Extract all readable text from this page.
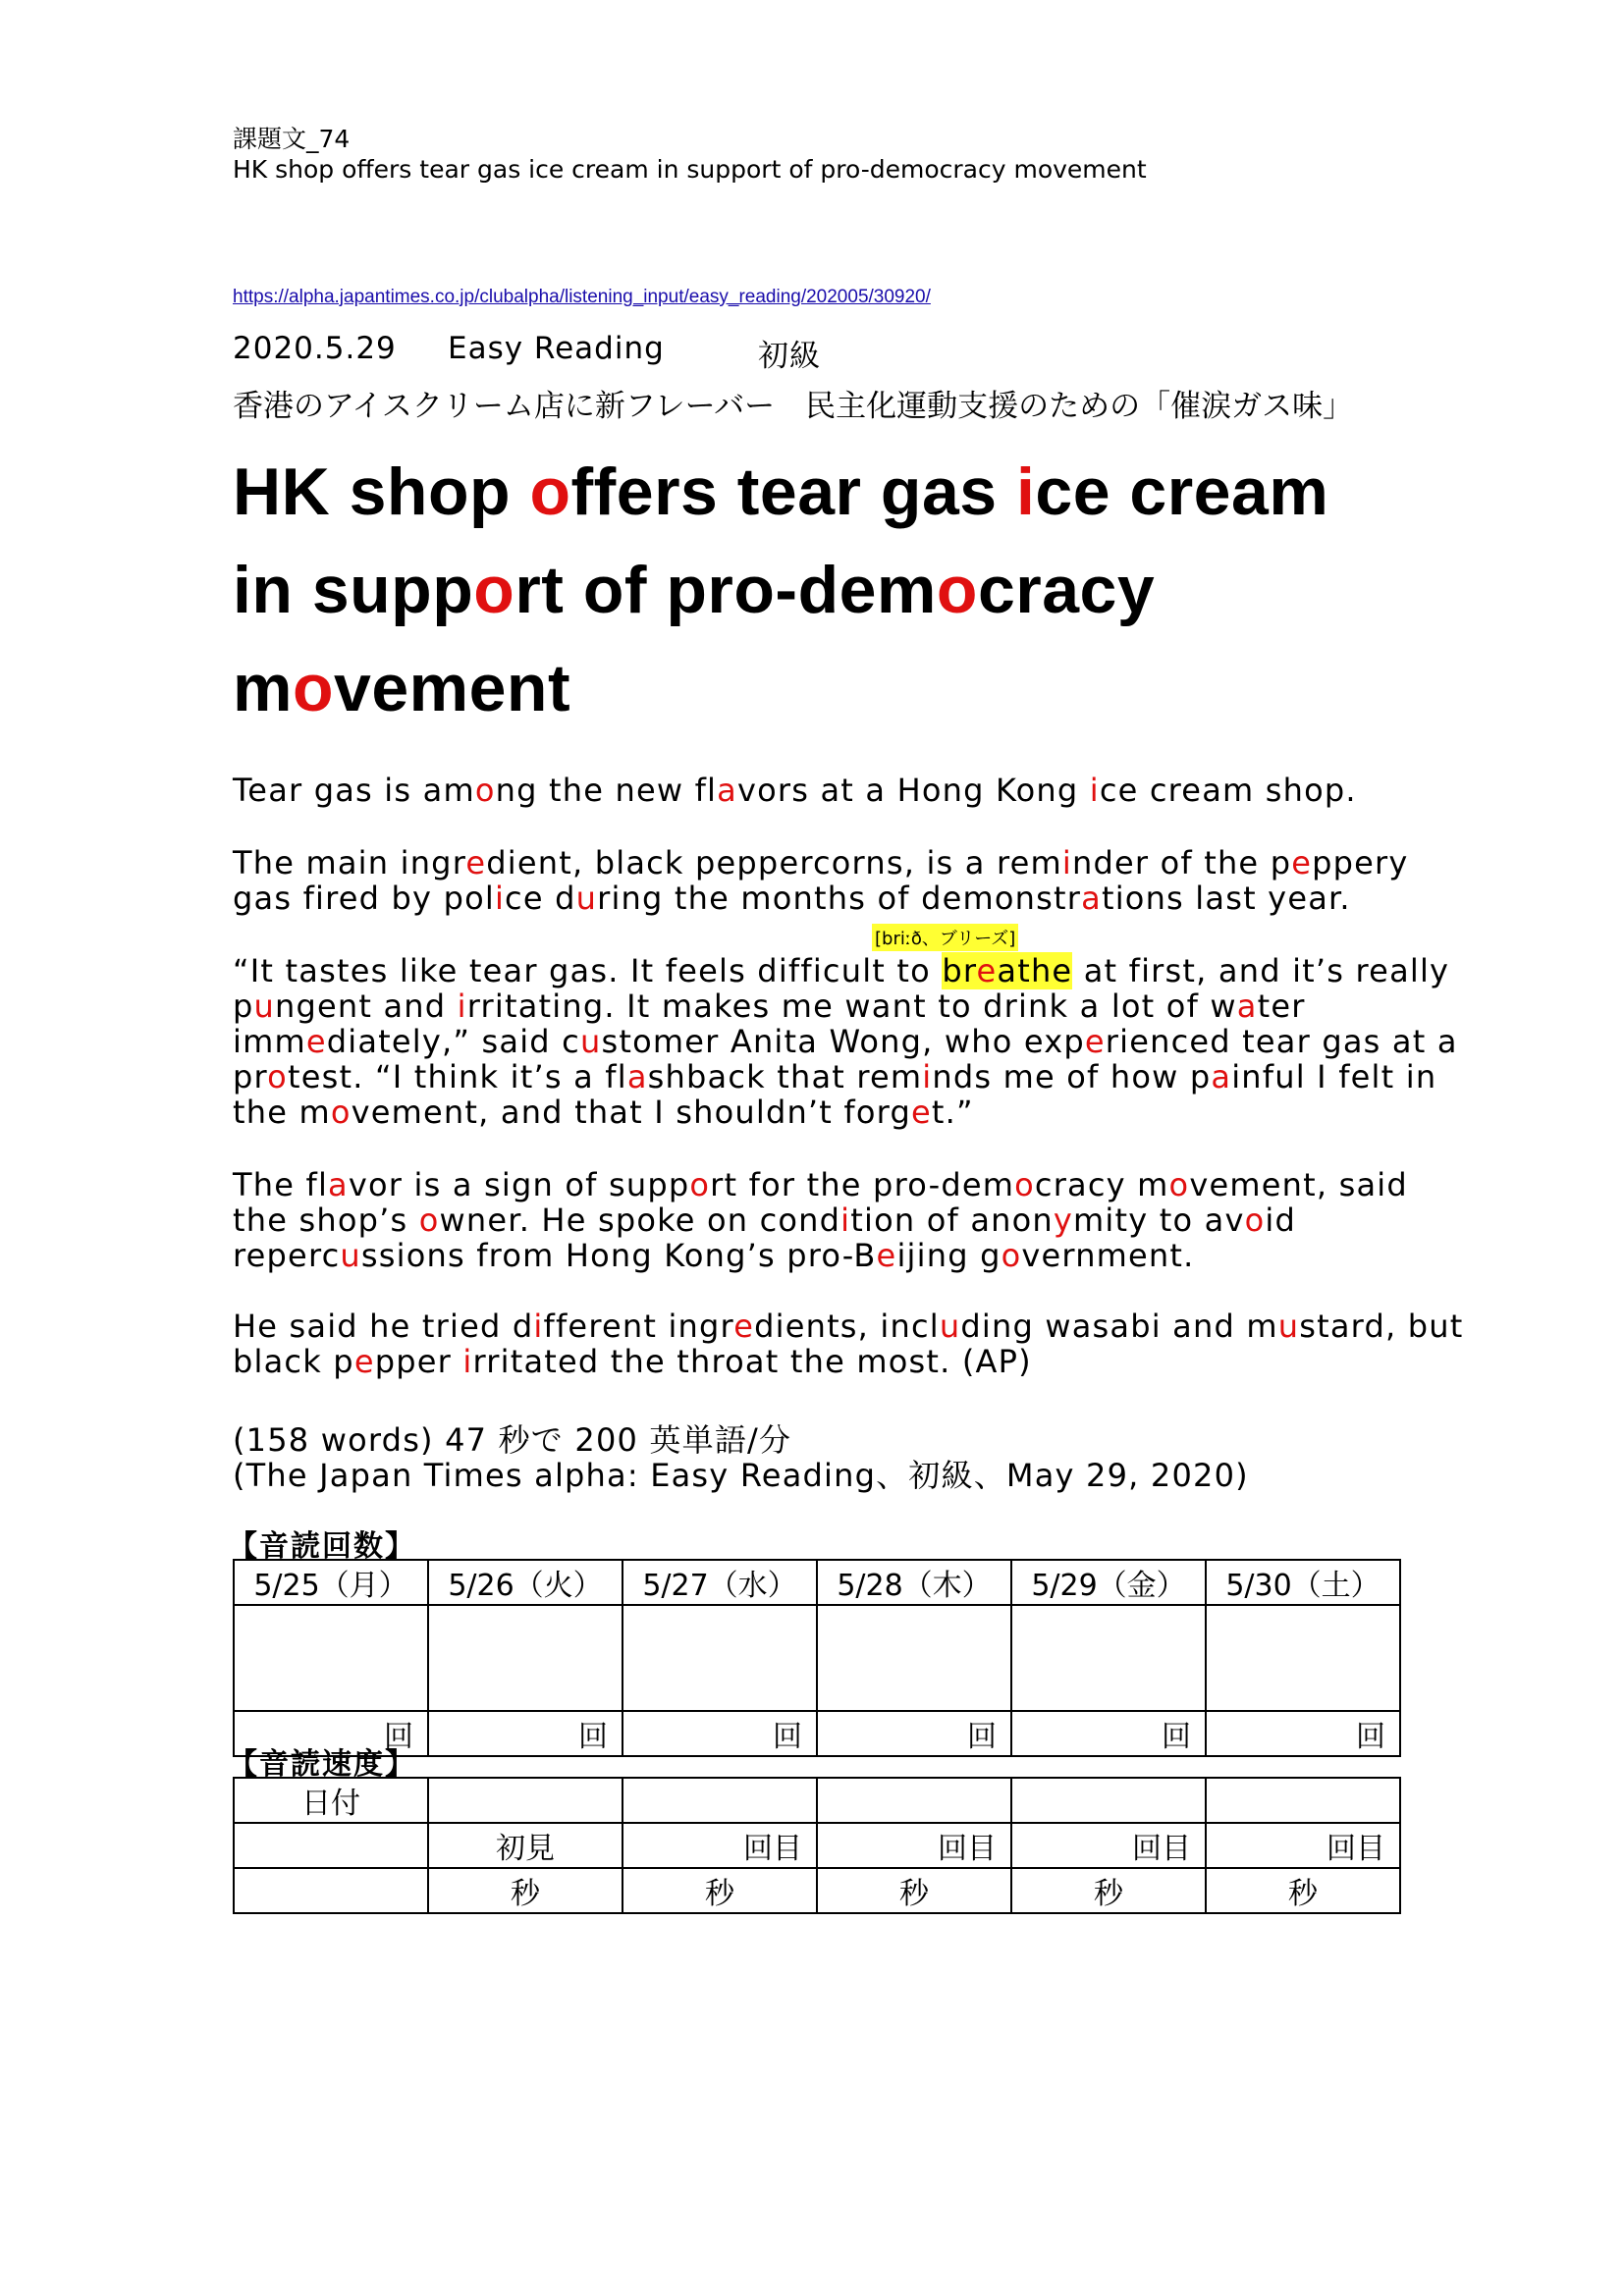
課題文_74
HK shop offers tear gas ice cream in support of pro-democracy movement
https://alpha.japantimes.co.jp/clubalpha/listening_input/easy_reading/202005/30920/
2020.5.29 Easy Reading	初級
香港のアイスクリーム店に新フレーバー　民主化運動支援のための「催涙ガス味」
HK shop offers tear gas ice cream
in support of pro-democracy
movement
Tear gas is among the new flavors at a Hong Kong ice cream shop.
The main ingredient, black peppercorns, is a reminder of the peppery
gas fired by police during the months of demonstrations last year.
[briːð、ブリーズ]
“It tastes like tear gas. It feels difficult to breathe at first, and it’s really
pungent and irritating. It makes me want to drink a lot of water
immediately,” said customer Anita Wong, who experienced tear gas at a
protest. “I think it’s a flashback that reminds me of how painful I felt in
the movement, and that I shouldn’t forget.”
The flavor is a sign of support for the pro-democracy movement, said
the shop’s owner. He spoke on condition of anonymity to avoid
repercussions from Hong Kong’s pro-Beijing government.
He said he tried different ingredients, including wasabi and mustard, but
black pepper irritated the throat the most. (AP)
(158 words) 47 秒で 200 英単語/分
(The Japan Times alpha: Easy Reading、初級、May 29, 2020)
【音読回数】
5/25（月）	5/26（火）	5/27（水）	5/28（木）	5/29（金）	5/30（土）

回	回	回	回	回	回
【音読速度】
日付					
	初見	回目	回目	回目	回目
	秒	秒	秒	秒	秒
